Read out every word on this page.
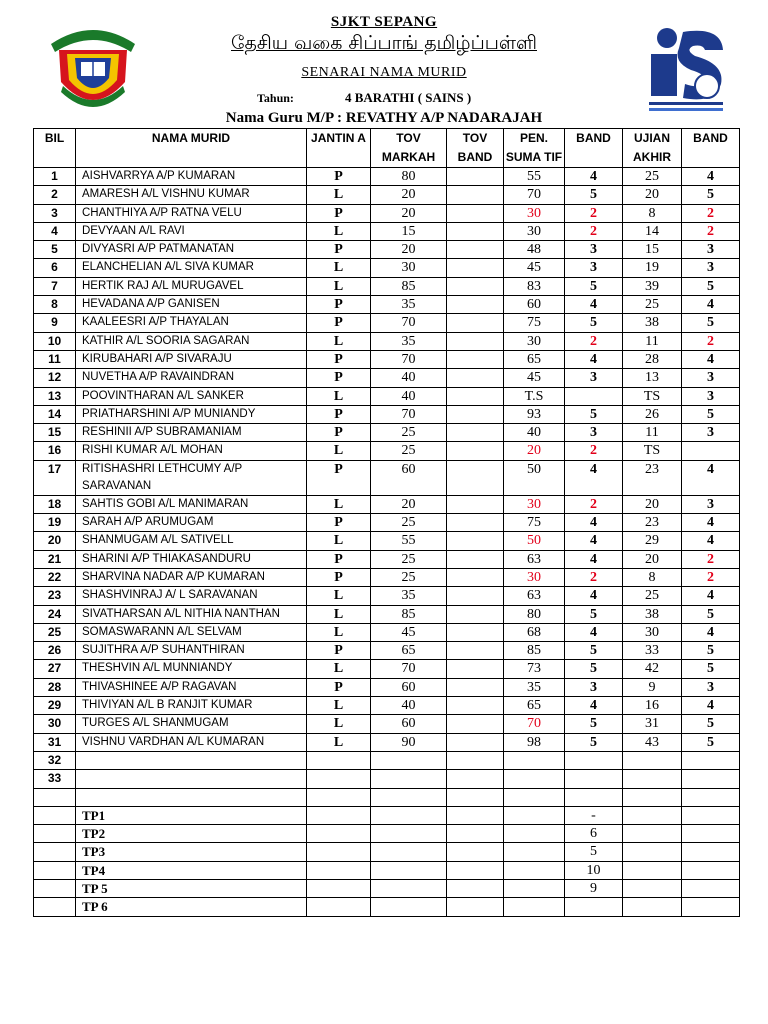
SJKT SEPANG
தேசிய வகை சிப்பாங் தமிழ்ப்பள்ளி
SENARAI NAMA MURID
Tahun:	4 BARATHI ( SAINS )
Nama Guru M/P : REVATHY A/P NADARAJAH
BIL	NAMA MURID	JANTIN A	TOV MARKAH	TOV BAND	PEN. SUMA TIF	BAND	UJIAN AKHIR	BAND
1	AISHVARRYA A/P KUMARAN	P	80		55	4	25	4
2	AMARESH A/L VISHNU KUMAR	L	20		70	5	20	5
3	CHANTHIYA A/P RATNA VELU	P	20		30	2	8	2
4	DEVYAAN A/L RAVI	L	15		30	2	14	2
5	DIVYASRI A/P PATMANATAN	P	20		48	3	15	3
6	ELANCHELIAN A/L SIVA KUMAR	L	30		45	3	19	3
7	HERTIK RAJ A/L MURUGAVEL	L	85		83	5	39	5
8	HEVADANA A/P GANISEN	P	35		60	4	25	4
9	KAALEESRI A/P THAYALAN	P	70		75	5	38	5
10	KATHIR A/L SOORIA SAGARAN	L	35		30	2	11	2
11	KIRUBAHARI A/P SIVARAJU	P	70		65	4	28	4
12	NUVETHA A/P RAVAINDRAN	P	40		45	3	13	3
13	POOVINTHARAN A/L SANKER	L	40		T.S		TS	3
14	PRIATHARSHINI A/P MUNIANDY	P	70		93	5	26	5
15	RESHINII A/P SUBRAMANIAM	P	25		40	3	11	3
16	RISHI KUMAR A/L MOHAN	L	25		20	2	TS	
17	RITISHASHRI LETHCUMY A/P SARAVANAN	P	60		50	4	23	4
18	SAHTIS GOBI A/L MANIMARAN	L	20		30	2	20	3
19	SARAH A/P ARUMUGAM	P	25		75	4	23	4
20	SHANMUGAM A/L SATIVELL	L	55		50	4	29	4
21	SHARINI A/P THIAKASANDURU	P	25		63	4	20	2
22	SHARVINA NADAR A/P KUMARAN	P	25		30	2	8	2
23	SHASHVINRAJ A/ L SARAVANAN	L	35		63	4	25	4
24	SIVATHARSAN A/L NITHIA NANTHAN	L	85		80	5	38	5
25	SOMASWARANN A/L SELVAM	L	45		68	4	30	4
26	SUJITHRA A/P SUHANTHIRAN	P	65		85	5	33	5
27	THESHVIN A/L MUNNIANDY	L	70		73	5	42	5
28	THIVASHINEE A/P RAGAVAN	P	60		35	3	9	3
29	THIVIYAN A/L B RANJIT KUMAR	L	40		65	4	16	4
30	TURGES A/L SHANMUGAM	L	60		70	5	31	5
31	VISHNU VARDHAN A/L KUMARAN	L	90		98	5	43	5
32								
33								

	TP1					-		
	TP2					6		
	TP3					5		
	TP4					10		
	TP 5					9		
	TP 6							
